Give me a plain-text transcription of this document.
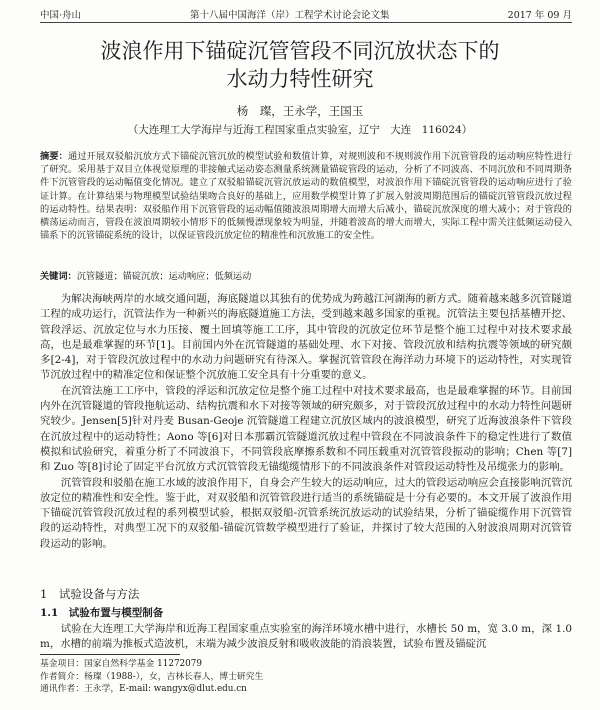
中国·舟山	第十八届中国海洋（岸）工程学术讨论会论文集	2017 年 09 月
波浪作用下锚碇沉管管段不同沉放状态下的
水动力特性研究
杨　璨，王永学，王国玉
（大连理工大学海岸与近海工程国家重点实验室，辽宁　大连　116024）
摘要：通过开展双驳船沉放方式下锚碇沉管沉放的模型试验和数值计算，对规则波和不规则波作用下沉管管段的运动响应特性进行了研究。采用基于双目立体视觉原理的非接触式运动姿态测量系统测量锚碇管段的运动，分析了不同波高、不同沉放和不同周期条件下沉管管段的运动幅值变化情况。建立了双驳船锚碇沉管沉放运动的数值模型，对波浪作用下锚碇沉管管段的运动响应进行了验证计算。在计算结果与物理模型试验结果吻合良好的基础上，应用数学模型计算了扩展入射波周期范围后的锚碇沉管管段沉放过程的运动特性。结果表明：双驳船作用下沉管管段的运动幅值随波浪周期增大而增大后减小，锚碇沉放深度的增大减小；对于管段的横荡运动而言，管段在波浪周期较小情形下的低频慢漂现象较为明显，并随着波高的增大而增大，实际工程中需关注低频运动侵入锚系下的沉管锚碇系统的设计，以保证管段沉放定位的精准性和沉放施工的安全性。
关键词：沉管隧道；锚碇沉放；运动响应；低频运动

为解决海峡两岸的水域交通问题，海底隧道以其独有的优势成为跨越江河湖海的新方式。随着越来越多沉管隧道工程的成功运行，沉管法作为一种新兴的海底隧道施工方法，受到越来越多国家的重视。沉管法主要包括基槽开挖、管段浮运、沉放定位与水力压接、覆土回填等施工工序，其中管段的沉放定位环节是整个施工过程中对技术要求最高，也是最难掌握的环节[1]。目前国内外在沉管隧道的基础处理、水下对接、管段沉放和结构抗震等领域的研究颇多[2-4]，对于管段沉放过程中的水动力问题研究有待深入。掌握沉管管段在海洋动力环境下的运动特性，对实现管节沉放过程中的精准定位和保证整个沉放施工安全具有十分重要的意义。

在沉管法施工工序中，管段的浮运和沉放定位是整个施工过程中对技术要求最高，也是最难掌握的环节。目前国内外在沉管隧道的管段拖航运动、结构抗震和水下对接等领域的研究颇多，对于管段沉放过程中的水动力特性问题研究较少。Jensen[5]针对丹麦 Busan-Geoje 沉管隧道工程建立沉放区域内的波浪模型，研究了近海波浪条件下管段在沉放过程中的运动特性；Aono 等[6]对日本那霸沉管隧道沉放过程中管段在不同波浪条件下的稳定性进行了数值模拟和试验研究，着重分析了不同波浪下，不同管段底摩擦系数和不同压载重对沉管管段振动的影响；Chen 等[7]和 Zuo 等[8]讨论了固定平台沉放方式沉管管段无锚缆缆情形下的不同波浪条件对管段运动特性及吊缆张力的影响。

沉管管段和驳船在施工水域的波浪作用下，自身会产生较大的运动响应，过大的管段运动响应会直接影响沉管沉放定位的精准性和安全性。鉴于此，对双驳船和沉管管段进行适当的系统锚碇是十分有必要的。本文开展了波浪作用下锚碇沉管管段沉放过程的系列模型试验，根据双驳船-沉管系统沉放运动的试验结果，分析了锚碇缆作用下沉管管段的运动特性，对典型工况下的双驳船-锚碇沉管数学模型进行了验证，并探讨了较大范围的入射波浪周期对沉管管段运动的影响。

1　试验设备与方法
1.1　试验布置与模型制备

试验在大连理工大学海岸和近海工程国家重点实验室的海洋环境水槽中进行，水槽长 50 m，宽 3.0 m，深 1.0 m，水槽的前端为推板式造波机，末端为减少波浪反射和吸收波能的消浪装置，试验布置及锚碇沉

基金项目：国家自然科学基金 11272079
作者简介：杨璨（1988-），女，吉林长春人，博士研究生
通讯作者：王永学，E-mail: wangyx@dlut.edu.cn
